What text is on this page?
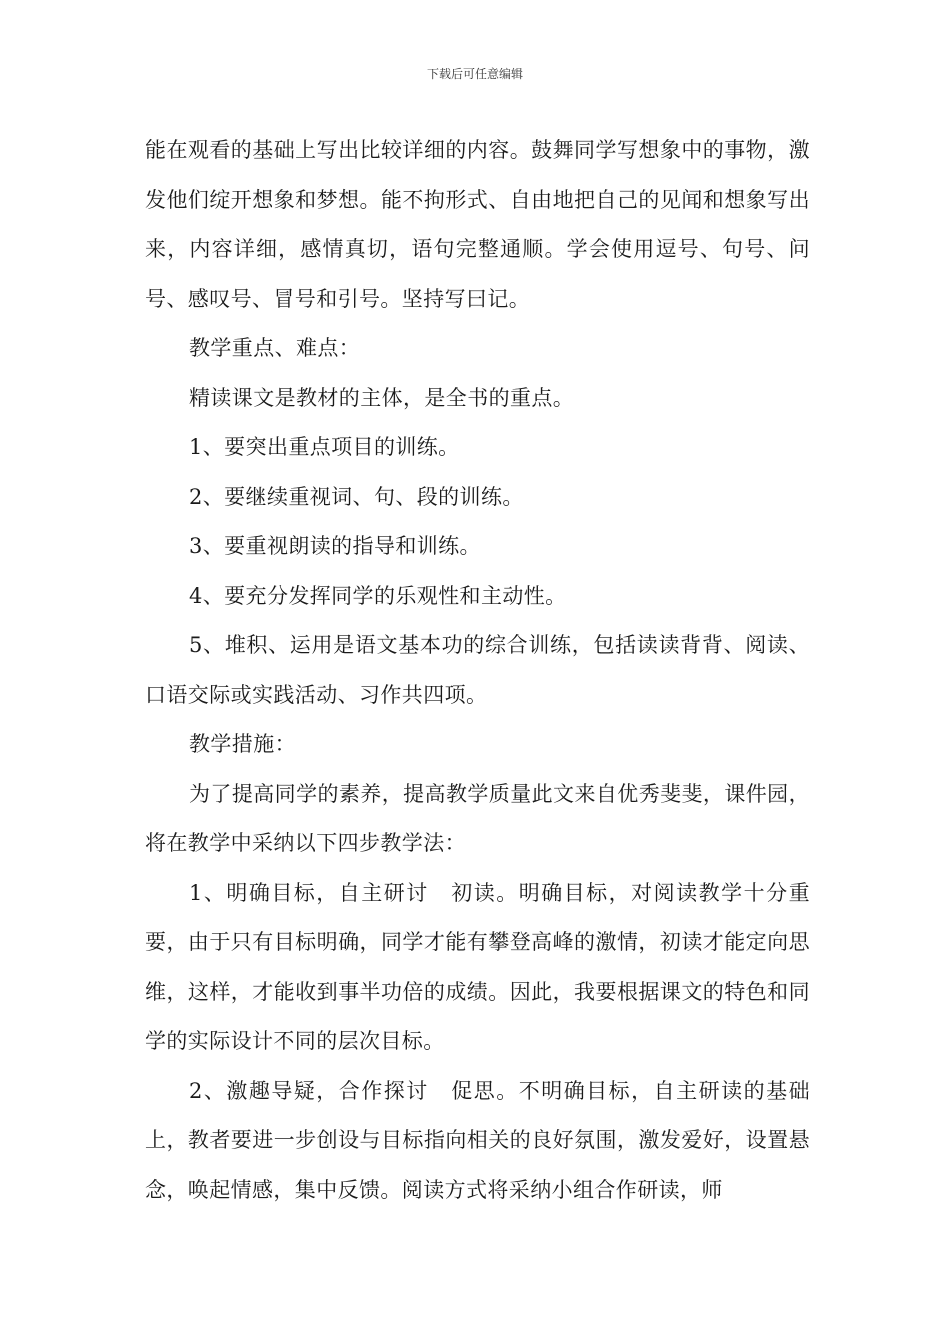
下载后可任意编辑

能在观看的基础上写出比较详细的内容。鼓舞同学写想象中的事物，激发他们绽开想象和梦想。能不拘形式、自由地把自己的见闻和想象写出来，内容详细，感情真切，语句完整通顺。学会使用逗号、句号、问号、感叹号、冒号和引号。坚持写曰记。

教学重点、难点：

精读课文是教材的主体，是全书的重点。

1、要突出重点项目的训练。

2、要继续重视词、句、段的训练。

3、要重视朗读的指导和训练。

4、要充分发挥同学的乐观性和主动性。

5、堆积、运用是语文基本功的综合训练，包括读读背背、阅读、口语交际或实践活动、习作共四项。

教学措施：

为了提高同学的素养，提高教学质量此文来自优秀斐斐，课件园，将在教学中采纳以下四步教学法：

1、明确目标，自主研讨　初读。明确目标，对阅读教学十分重要，由于只有目标明确，同学才能有攀登高峰的激情，初读才能定向思维，这样，才能收到事半功倍的成绩。因此，我要根据课文的特色和同学的实际设计不同的层次目标。

2、激趣导疑，合作探讨　促思。不明确目标，自主研读的基础上，教者要进一步创设与目标指向相关的良好氛围，激发爱好，设置悬念，唤起情感，集中反馈。阅读方式将采纳小组合作研读，师
